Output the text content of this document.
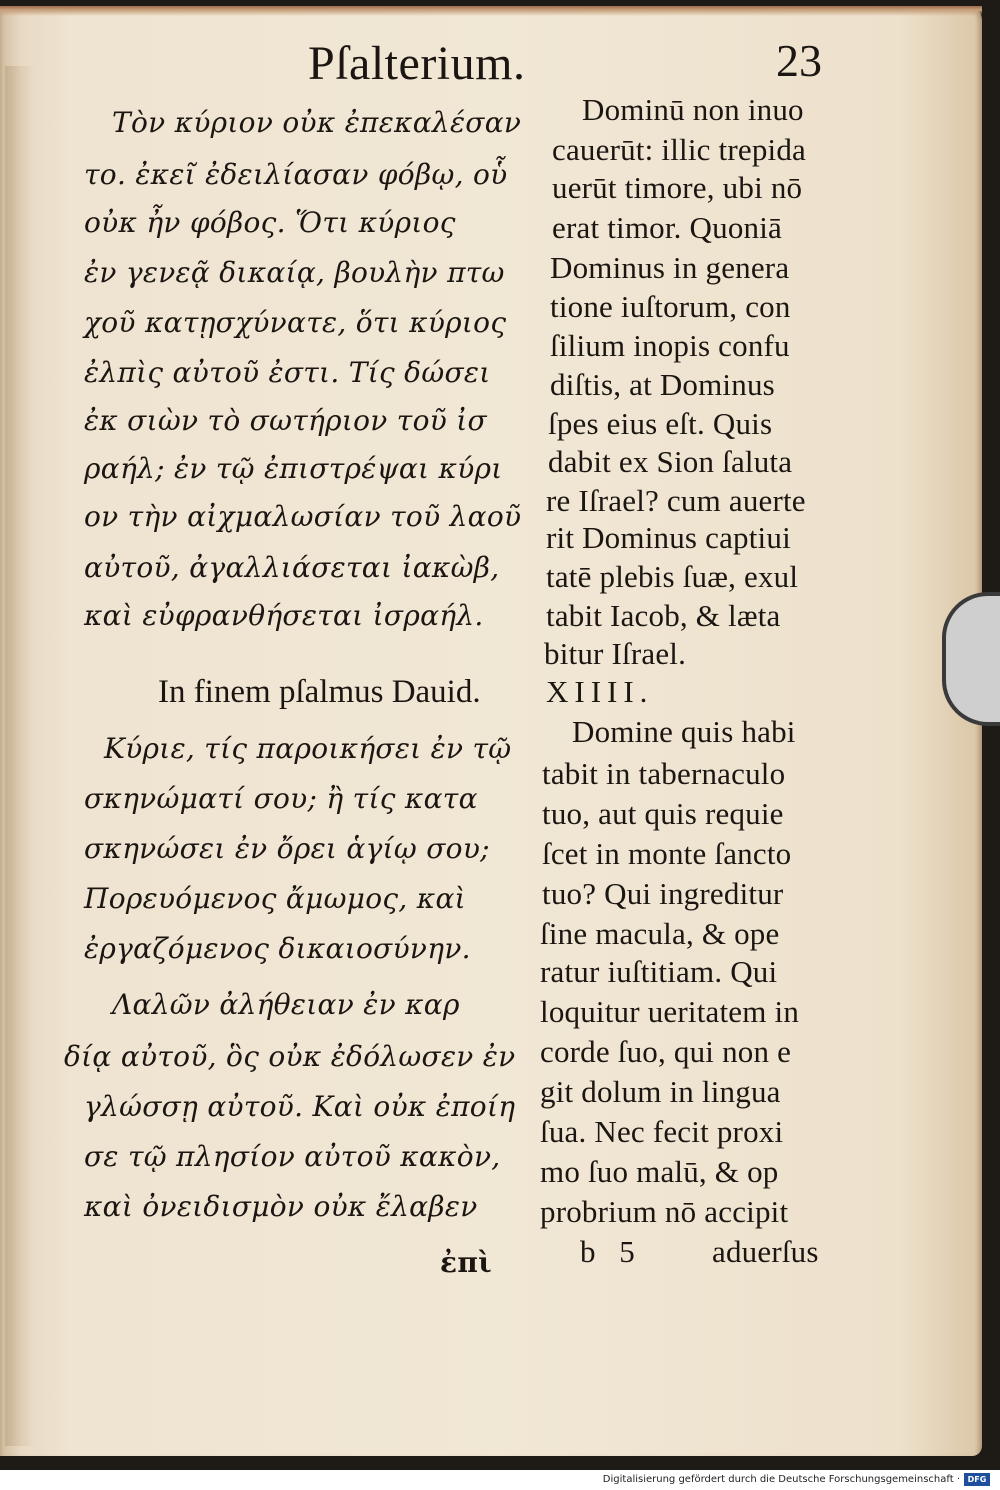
Pſalterium.	23
Τὸν κύριον οὐκ ἐπεκαλέσαν
το. ἐκεῖ ἐδειλίασαν φόβῳ, οὗ
οὐκ ἦν φόβος. Ὅτι κύριος
ἐν γενεᾷ δικαίᾳ, βουλὴν πτω
χοῦ κατῃσχύνατε, ὅτι κύριος
ἐλπὶς αὐτοῦ ἐστι. Τίς δώσει
ἐκ σιὼν τὸ σωτήριον τοῦ ἰσ
ραήλ; ἐν τῷ ἐπιστρέψαι κύρι
ον τὴν αἰχμαλωσίαν τοῦ λαοῦ
αὐτοῦ, ἀγαλλιάσεται ἰακὼβ,
καὶ εὐφρανθήσεται ἰσραήλ.
In finem pſalmus Dauid.
Κύριε, τίς παροικήσει ἐν τῷ
σκηνώματί σου; ἢ τίς κατα
σκηνώσει ἐν ὄρει ἁγίῳ σου;
Πορευόμενος ἄμωμος, καὶ
ἐργαζόμενος δικαιοσύνην.
Λαλῶν ἀλήθειαν ἐν καρ
δίᾳ αὐτοῦ, ὃς οὐκ ἐδόλωσεν ἐν
γλώσσῃ αὐτοῦ. Καὶ οὐκ ἐποίη
σε τῷ πλησίον αὐτοῦ κακὸν,
καὶ ὀνειδισμὸν οὐκ ἔλαβεν
ἐπὶ
Dominū non inuo
cauerūt: illic trepida
uerūt timore, ubi nō
erat timor. Quoniā
Dominus in genera
tione iuſtorum, con
ſilium inopis confu
diſtis, at Dominus
ſpes eius eſt. Quis
dabit ex Sion ſaluta
re Iſrael? cum auerte
rit Dominus captiui
tatē plebis ſuæ, exul
tabit Iacob, & læta
bitur Iſrael.
XIIII.
Domine quis habi
tabit in tabernaculo
tuo, aut quis requie
ſcet in monte ſancto
tuo? Qui ingreditur
ſine macula, & ope
ratur iuſtitiam. Qui
loquitur ueritatem in
corde ſuo, qui non e
git dolum in lingua
ſua. Nec fecit proxi
mo ſuo malū, & op
probrium nō accipit
b 5 aduerſus
Digitalisierung gefördert durch die Deutsche Forschungsgemeinschaft · DFG
